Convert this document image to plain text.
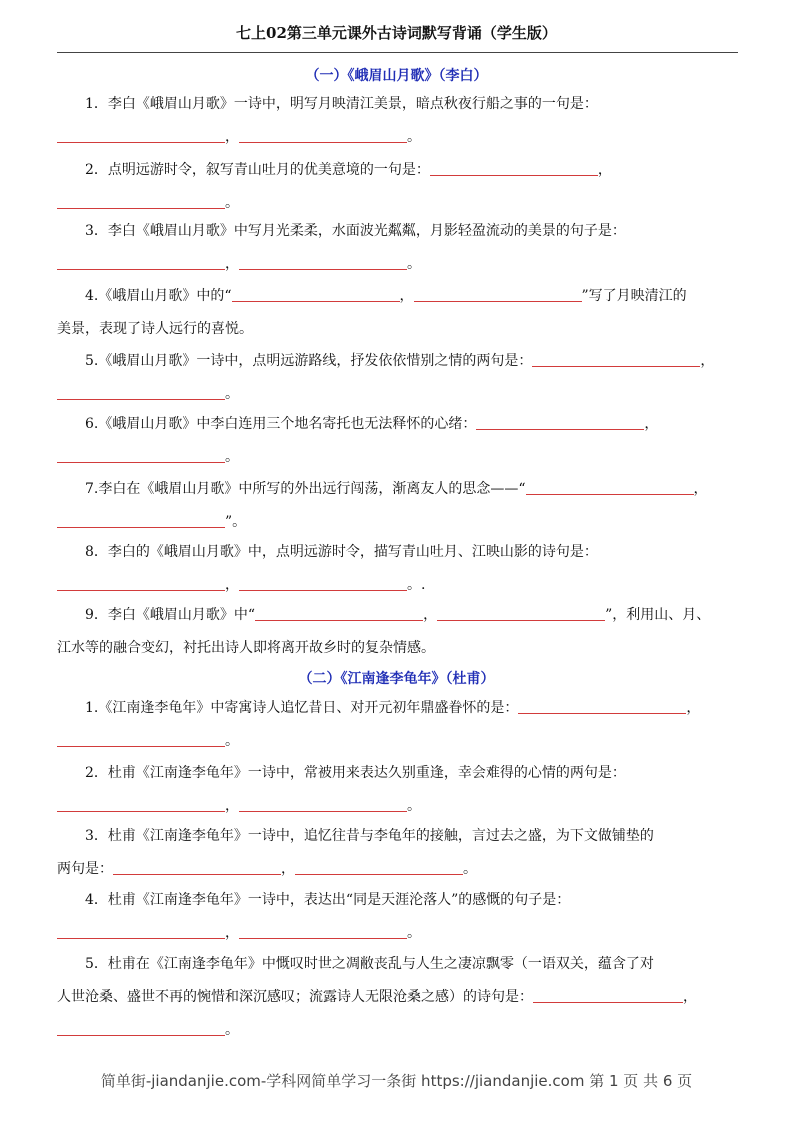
七上02第三单元课外古诗词默写背诵（学生版）
（一）《峨眉山月歌》（李白）
1．李白《峨眉山月歌》一诗中，明写月映清江美景，暗点秋夜行船之事的一句是：
，	。
2．点明远游时令，叙写青山吐月的优美意境的一句是：	，
。
3．李白《峨眉山月歌》中写月光柔柔，水面波光粼粼，月影轻盈流动的美景的句子是：
，	。
4.《峨眉山月歌》中的“	，	”写了月映清江的
美景，表现了诗人远行的喜悦。
5.《峨眉山月歌》一诗中，点明远游路线，抒发依依惜别之情的两句是：	，
。
6.《峨眉山月歌》中李白连用三个地名寄托也无法释怀的心绪：	，
。
7.李白在《峨眉山月歌》中所写的外出远行闯荡，渐离友人的思念——“	，
”。
8．李白的《峨眉山月歌》中，点明远游时令，描写青山吐月、江映山影的诗句是：
，	。.
9．李白《峨眉山月歌》中“	，	”，利用山、月、
江水等的融合变幻，衬托出诗人即将离开故乡时的复杂情感。
（二）《江南逢李龟年》（杜甫）
1.《江南逢李龟年》中寄寓诗人追忆昔日、对开元初年鼎盛眷怀的是：	，
。
2．杜甫《江南逢李龟年》一诗中，常被用来表达久别重逢，幸会难得的心情的两句是：
，	。
3．杜甫《江南逢李龟年》一诗中，追忆往昔与李龟年的接触，言过去之盛，为下文做铺垫的
两句是：	，	。
4．杜甫《江南逢李龟年》一诗中，表达出“同是天涯沦落人”的感慨的句子是：
，	。
5．杜甫在《江南逢李龟年》中慨叹时世之凋敝丧乱与人生之凄凉飘零（一语双关，蕴含了对
人世沧桑、盛世不再的惋惜和深沉感叹；流露诗人无限沧桑之感）的诗句是：	，
。
简单街-jiandanjie.com-学科网简单学习一条街 https://jiandanjie.com 第 1 页 共 6 页
